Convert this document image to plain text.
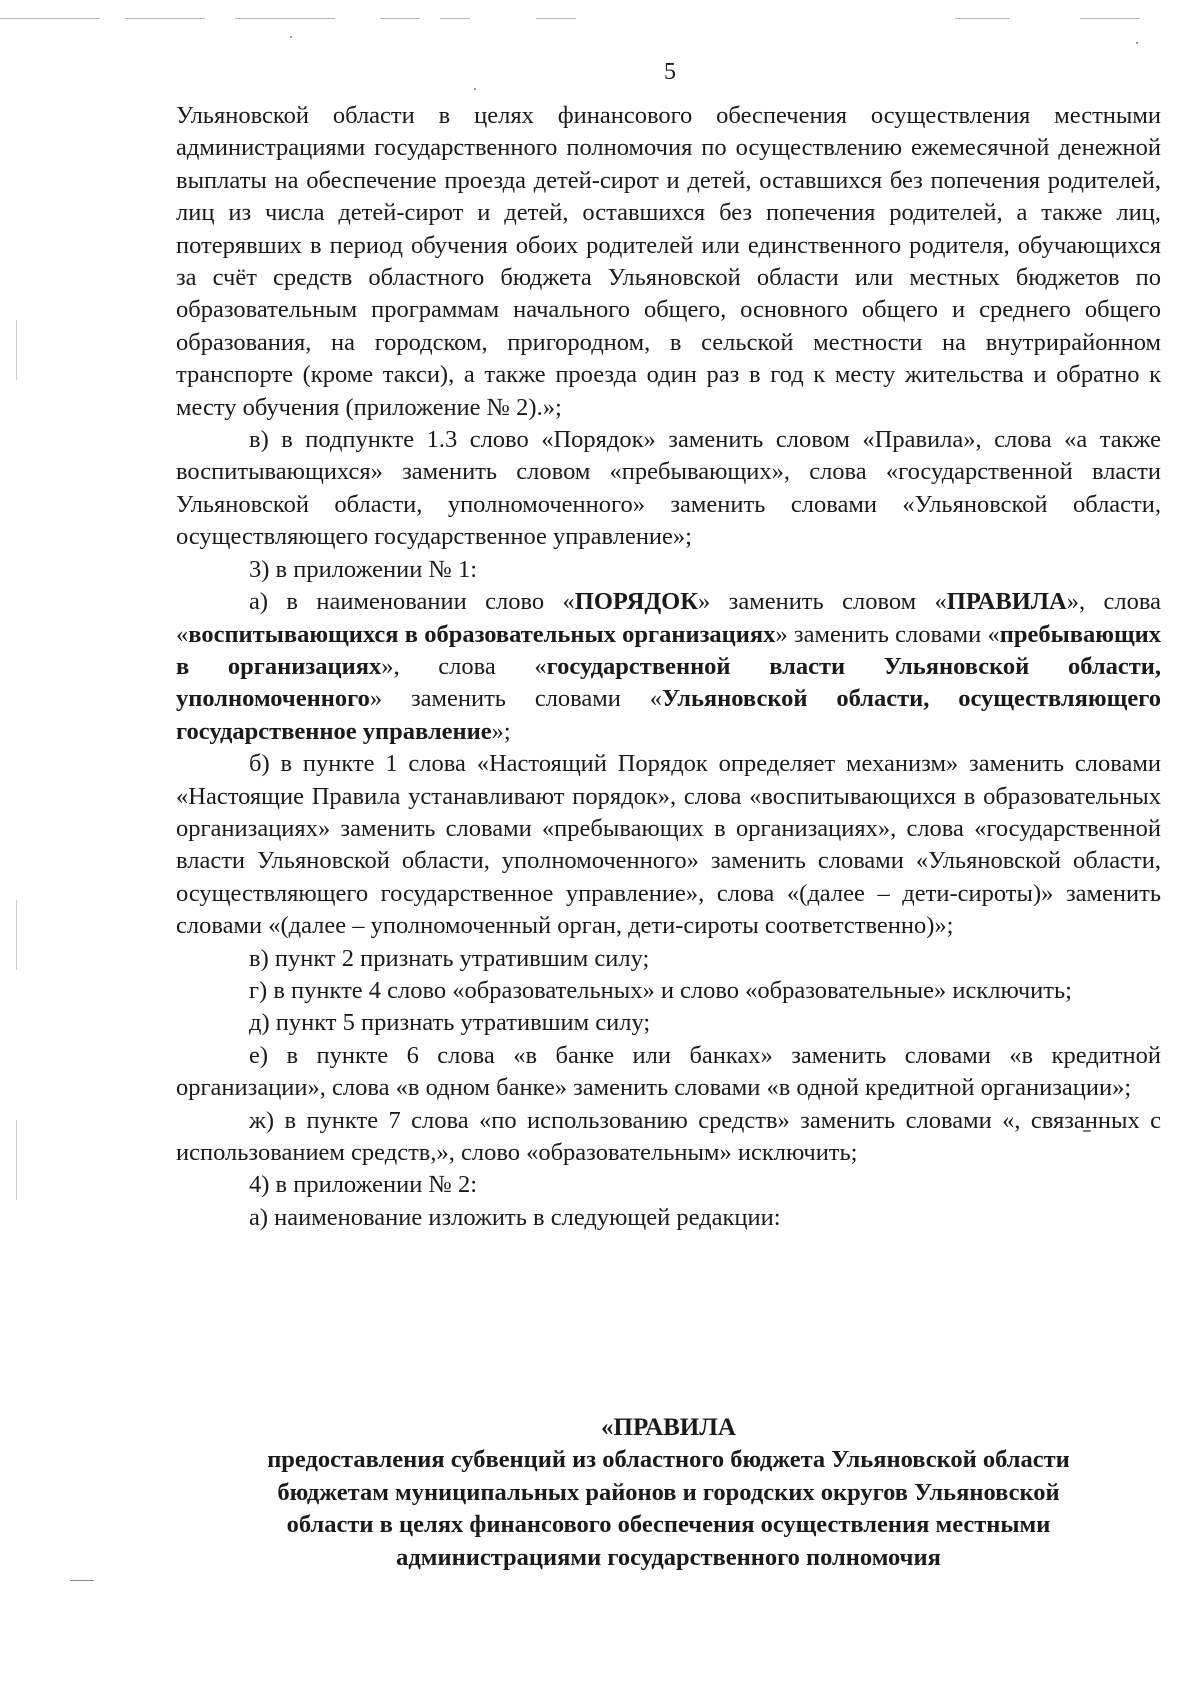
5

Ульяновской области в целях финансового обеспечения осуществления местными администрациями государственного полномочия по осуществлению ежемесячной денежной выплаты на обеспечение проезда детей-сирот и детей, оставшихся без попечения родителей, лиц из числа детей-сирот и детей, оставшихся без попечения родителей, а также лиц, потерявших в период обучения обоих родителей или единственного родителя, обучающихся за счёт средств областного бюджета Ульяновской области или местных бюджетов по образовательным программам начального общего, основного общего и среднего общего образования, на городском, пригородном, в сельской местности на внутрирайонном транспорте (кроме такси), а также проезда один раз в год к месту жительства и обратно к месту обучения (приложение № 2).»;

в) в подпункте 1.3 слово «Порядок» заменить словом «Правила», слова «а также воспитывающихся» заменить словом «пребывающих», слова «государственной власти Ульяновской области, уполномоченного» заменить словами «Ульяновской области, осуществляющего государственное управление»;

3) в приложении № 1:

а) в наименовании слово «ПОРЯДОК» заменить словом «ПРАВИЛА», слова «воспитывающихся в образовательных организациях» заменить словами «пребывающих в организациях», слова «государственной власти Ульяновской области, уполномоченного» заменить словами «Ульяновской области, осуществляющего государственное управление»;

б) в пункте 1 слова «Настоящий Порядок определяет механизм» заменить словами «Настоящие Правила устанавливают порядок», слова «воспитывающихся в образовательных организациях» заменить словами «пребывающих в организациях», слова «государственной власти Ульяновской области, уполномоченного» заменить словами «Ульяновской области, осуществляющего государственное управление», слова «(далее – дети-сироты)» заменить словами «(далее – уполномоченный орган, дети-сироты соответственно)»;

в) пункт 2 признать утратившим силу;

г) в пункте 4 слово «образовательных» и слово «образовательные» исключить;

д) пункт 5 признать утратившим силу;

е) в пункте 6 слова «в банке или банках» заменить словами «в кредитной организации», слова «в одном банке» заменить словами «в одной кредитной организации»;

ж) в пункте 7 слова «по использованию средств» заменить словами «, связанных с использованием средств,», слово «образовательным» исключить;

4) в приложении № 2:

а) наименование изложить в следующей редакции:

«ПРАВИЛА

предоставления субвенций из областного бюджета Ульяновской области

бюджетам муниципальных районов и городских округов Ульяновской

области в целях финансового обеспечения осуществления местными

администрациями государственного полномочия
